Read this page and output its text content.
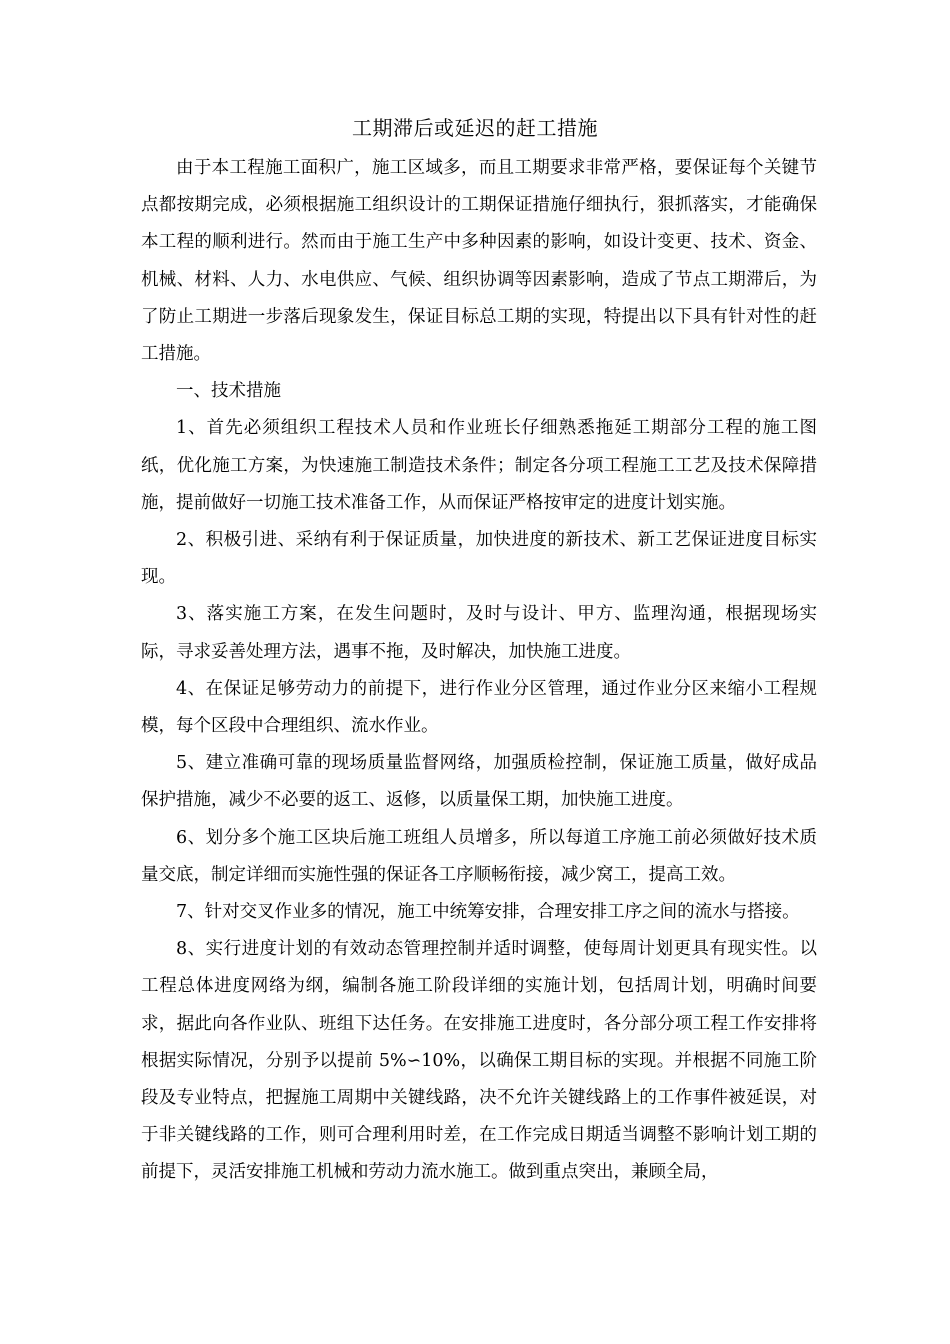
工期滞后或延迟的赶工措施

由于本工程施工面积广，施工区域多，而且工期要求非常严格，要保证每个关键节点都按期完成，必须根据施工组织设计的工期保证措施仔细执行，狠抓落实，才能确保本工程的顺利进行。然而由于施工生产中多种因素的影响，如设计变更、技术、资金、机械、材料、人力、水电供应、气候、组织协调等因素影响，造成了节点工期滞后，为了防止工期进一步落后现象发生，保证目标总工期的实现，特提出以下具有针对性的赶工措施。

一、技术措施

1、首先必须组织工程技术人员和作业班长仔细熟悉拖延工期部分工程的施工图纸，优化施工方案，为快速施工制造技术条件；制定各分项工程施工工艺及技术保障措施，提前做好一切施工技术准备工作，从而保证严格按审定的进度计划实施。

2、积极引进、采纳有利于保证质量，加快进度的新技术、新工艺保证进度目标实现。

3、落实施工方案，在发生问题时，及时与设计、甲方、监理沟通，根据现场实际，寻求妥善处理方法，遇事不拖，及时解决，加快施工进度。

4、在保证足够劳动力的前提下，进行作业分区管理，通过作业分区来缩小工程规模，每个区段中合理组织、流水作业。

5、建立准确可靠的现场质量监督网络，加强质检控制，保证施工质量，做好成品保护措施，减少不必要的返工、返修，以质量保工期，加快施工进度。

6、划分多个施工区块后施工班组人员增多，所以每道工序施工前必须做好技术质量交底，制定详细而实施性强的保证各工序顺畅衔接，减少窝工，提高工效。

7、针对交叉作业多的情况，施工中统筹安排，合理安排工序之间的流水与搭接。

8、实行进度计划的有效动态管理控制并适时调整，使每周计划更具有现实性。以工程总体进度网络为纲，编制各施工阶段详细的实施计划，包括周计划，明确时间要求，据此向各作业队、班组下达任务。在安排施工进度时，各分部分项工程工作安排将根据实际情况，分别予以提前 5%∽10%，以确保工期目标的实现。并根据不同施工阶段及专业特点，把握施工周期中关键线路，决不允许关键线路上的工作事件被延误，对于非关键线路的工作，则可合理利用时差，在工作完成日期适当调整不影响计划工期的前提下，灵活安排施工机械和劳动力流水施工。做到重点突出，兼顾全局，
